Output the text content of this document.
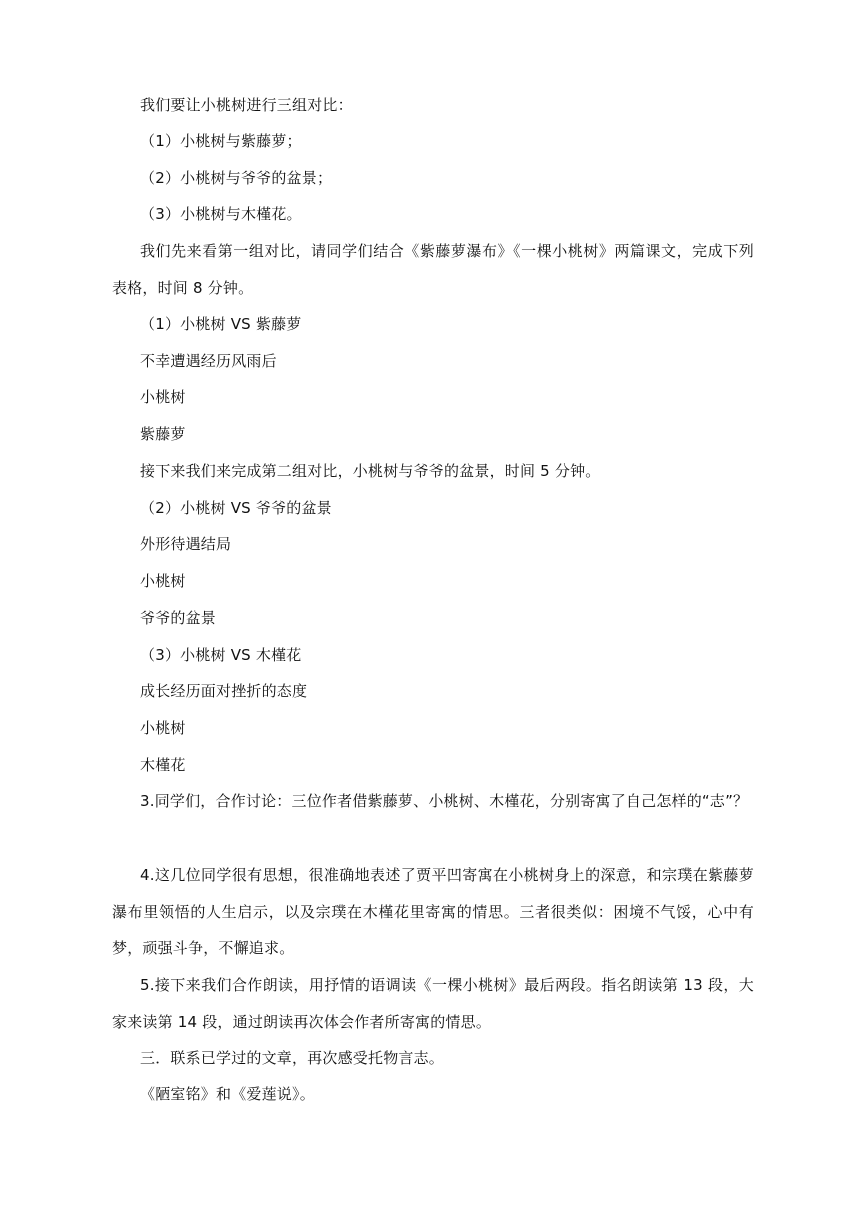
我们要让小桃树进行三组对比：
（1）小桃树与紫藤萝；
（2）小桃树与爷爷的盆景；
（3）小桃树与木槿花。
我们先来看第一组对比，请同学们结合《紫藤萝瀑布》《一棵小桃树》两篇课文，完成下列表格，时间 8 分钟。
（1）小桃树 VS 紫藤萝
不幸遭遇经历风雨后
小桃树
紫藤萝
接下来我们来完成第二组对比，小桃树与爷爷的盆景，时间 5 分钟。
（2）小桃树 VS 爷爷的盆景
外形待遇结局
小桃树
爷爷的盆景
（3）小桃树 VS 木槿花
成长经历面对挫折的态度
小桃树
木槿花
3.同学们，合作讨论：三位作者借紫藤萝、小桃树、木槿花，分别寄寓了自己怎样的“志”？
4.这几位同学很有思想，很准确地表述了贾平凹寄寓在小桃树身上的深意，和宗璞在紫藤萝瀑布里领悟的人生启示，以及宗璞在木槿花里寄寓的情思。三者很类似：困境不气馁，心中有梦，顽强斗争，不懈追求。
5.接下来我们合作朗读，用抒情的语调读《一棵小桃树》最后两段。指名朗读第 13 段，大家来读第 14 段，通过朗读再次体会作者所寄寓的情思。
三．联系已学过的文章，再次感受托物言志。
《陋室铭》和《爱莲说》。
